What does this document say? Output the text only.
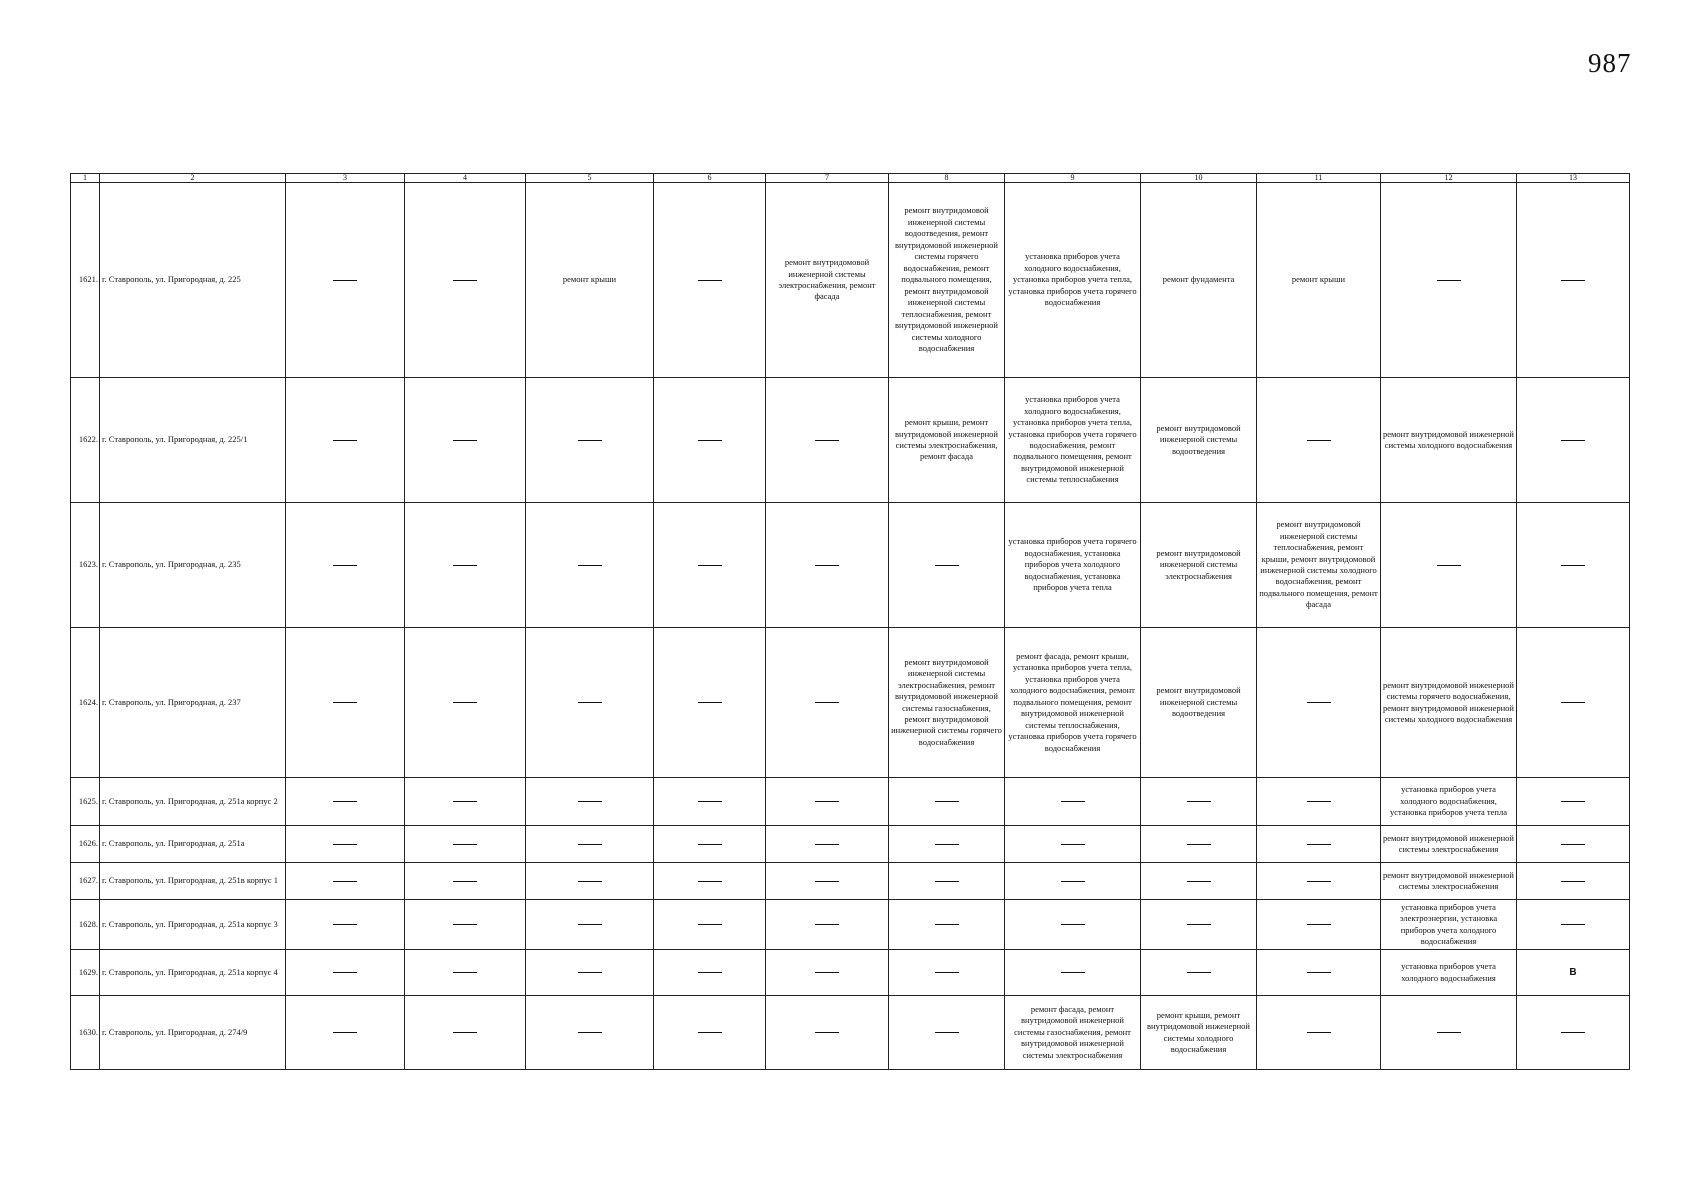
987
1	2	3	4	5	6	7	8	9	10	11	12	13
1621.	г. Ставрополь, ул. Пригородная, д. 225			ремонт крыши		ремонт внутридомовой инженерной системы электроснабжения, ремонт фасада	ремонт внутридомовой инженерной системы водоотведения, ремонт внутридомовой инженерной системы горячего водоснабжения, ремонт подвального помещения, ремонт внутридомовой инженерной системы теплоснабжения, ремонт внутридомовой инженерной системы холодного водоснабжения	установка приборов учета холодного водоснабжения, установка приборов учета тепла, установка приборов учета горячего водоснабжения	ремонт фундамента	ремонт крыши		
1622.	г. Ставрополь, ул. Пригородная, д. 225/1						ремонт крыши, ремонт внутридомовой инженерной системы электроснабжения, ремонт фасада	установка приборов учета холодного водоснабжения, установка приборов учета тепла, установка приборов учета горячего водоснабжения, ремонт подвального помещения, ремонт внутридомовой инженерной системы теплоснабжения	ремонт внутридомовой инженерной системы водоотведения		ремонт внутридомовой инженерной системы холодного водоснабжения	
1623.	г. Ставрополь, ул. Пригородная, д. 235							установка приборов учета горячего водоснабжения, установка приборов учета холодного водоснабжения, установка приборов учета тепла	ремонт внутридомовой инженерной системы электроснабжения	ремонт внутридомовой инженерной системы теплоснабжения, ремонт крыши, ремонт внутридомовой инженерной системы холодного водоснабжения, ремонт подвального помещения, ремонт фасада		
1624.	г. Ставрополь, ул. Пригородная, д. 237						ремонт внутридомовой инженерной системы электроснабжения, ремонт внутридомовой инженерной системы газоснабжения, ремонт внутридомовой инженерной системы горячего водоснабжения	ремонт фасада, ремонт крыши, установка приборов учета тепла, установка приборов учета холодного водоснабжения, ремонт подвального помещения, ремонт внутридомовой инженерной системы теплоснабжения, установка приборов учета горячего водоснабжения	ремонт внутридомовой инженерной системы водоотведения		ремонт внутридомовой инженерной системы горячего водоснабжения, ремонт внутридомовой инженерной системы холодного водоснабжения	
1625.	г. Ставрополь, ул. Пригородная, д. 251а корпус 2										установка приборов учета холодного водоснабжения, установка приборов учета тепла	
1626.	г. Ставрополь, ул. Пригородная, д. 251а										ремонт внутридомовой инженерной системы электроснабжения	
1627.	г. Ставрополь, ул. Пригородная, д. 251в корпус 1										ремонт внутридомовой инженерной системы электроснабжения	
1628.	г. Ставрополь, ул. Пригородная, д. 251а корпус 3										установка приборов учета электроэнергии, установка приборов учета холодного водоснабжения	
1629.	г. Ставрополь, ул. Пригородная, д. 251а корпус 4										установка приборов учета холодного водоснабжения	В
1630.	г. Ставрополь, ул. Пригородная, д. 274/9							ремонт фасада, ремонт внутридомовой инженерной системы газоснабжения, ремонт внутридомовой инженерной системы электроснабжения	ремонт крыши, ремонт внутридомовой инженерной системы холодного водоснабжения			
